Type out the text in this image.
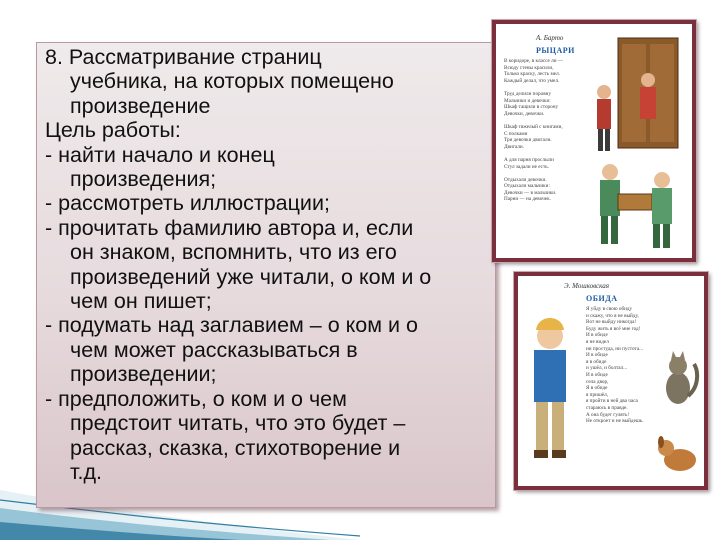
8. Рассматривание страниц

учебника, на которых помещено

произведение

Цель работы:

- найти начало и конец

произведения;

- рассмотреть иллюстрации;

- прочитать фамилию автора и, если

он знаком, вспомнить, что из его

произведений уже читали, о ком и о

чем он пишет;

- подумать над заглавием – о ком и о

чем может рассказываться в

произведении;

- предположить, о ком и о чем

предстоит читать, что это будет –

рассказ, сказка, стихотворение и

т.д.

А. Барто
РЫЦАРИ
В коридоре, в классе ли —
Всюду стены красили,
Только краску, лесть мел.
Каждый делал, что умел.

Труд делили поровну
Мальчики и девочки:
Шкаф тащили в сторону
Девочки, девочки.

Шкаф тяжелый с книгами,
С полками
Три девочки двигали.
Двигали.

А для парня прослыли
Стул задали не есть.

Отдыхали девочки.
Отдыхали мальчики:
Девочки — в мальчики.
Парни — на девочек.
Э. Мошковская
ОБИДА
Я уйду в свою обиду
и скажу, что я не выйду,
Вот не выйду никогда!
Буду жить я всё мне год!
И в обиде
я не видел
ни простуда, ни пустота...
И в обиде
я в обиде
и ушёл, и болтал...
И в обиде
села двор,
Я в обиде
я пришёл,
я пройти в ней два часа
стараюсь в правде.
А она будет гулять!
Не откроет и не выйдешь.
